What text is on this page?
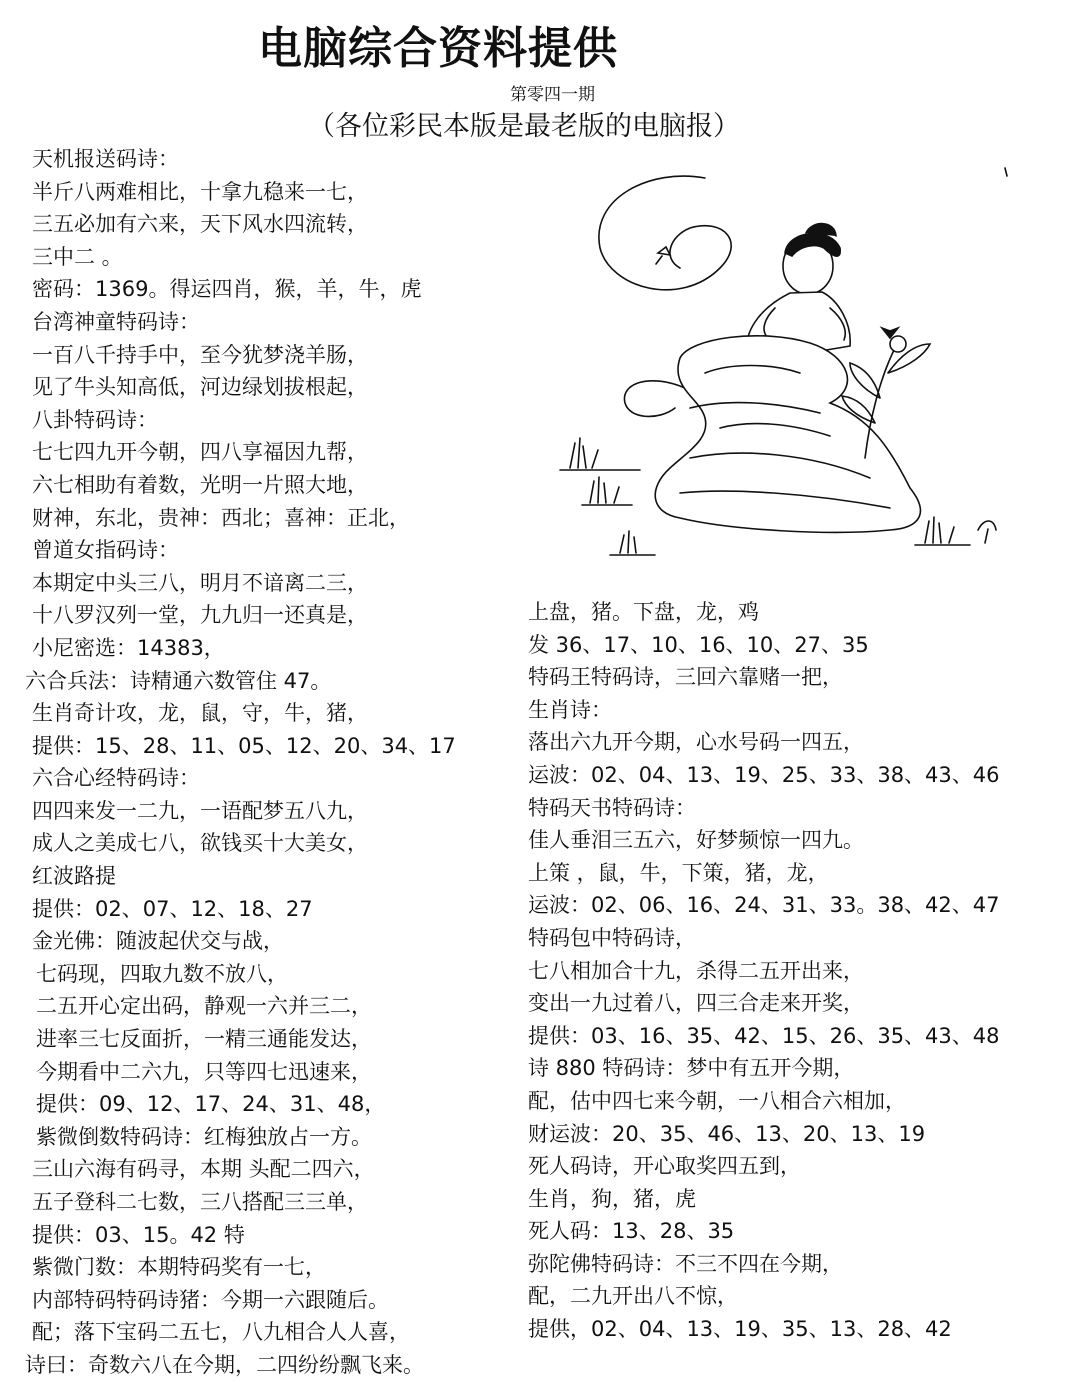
电脑综合资料提供
第零四一期
（各位彩民本版是最老版的电脑报）
天机报送码诗：
半斤八两难相比，十拿九稳来一七，
三五必加有六来，天下风水四流转，
三中二 。
密码：1369。得运四肖，猴，羊，牛，虎
台湾神童特码诗：
一百八千持手中，至今犹梦浇羊肠，
见了牛头知高低，河边绿划拔根起，
八卦特码诗：
七七四九开今朝，四八享福因九帮，
六七相助有着数，光明一片照大地，
财神，东北，贵神：西北；喜神：正北，
曾道女指码诗：
本期定中头三八，明月不谙离二三，
十八罗汉列一堂，九九归一还真是，
小尼密选：14383，
六合兵法：诗精通六数管住 47。
生肖奇计攻，龙，鼠，守，牛，猪，
提供：15、28、11、05、12、20、34、17
六合心经特码诗：
四四来发一二九，一语配梦五八九，
成人之美成七八，欲钱买十大美女，
红波路提
提供：02、07、12、18、27
金光佛：随波起伏交与战，
七码现，四取九数不放八，
二五开心定出码，静观一六并三二，
进率三七反面折，一精三通能发达，
今期看中二六九，只等四七迅速来，
提供：09、12、17、24、31、48，
紫微倒数特码诗：红梅独放占一方。
三山六海有码寻，本期 头配二四六，
五子登科二七数，三八搭配三三单，
提供：03、15。42 特
紫微门数：本期特码奖有一七，
内部特码特码诗猪：今期一六跟随后。
配；落下宝码二五七，八九相合人人喜，
诗曰：奇数六八在今期，二四纷纷飘飞来。
上盘，猪。下盘，龙，鸡
发 36、17、10、16、10、27、35
特码王特码诗，三回六靠赌一把，
生肖诗：
落出六九开今期，心水号码一四五，
运波：02、04、13、19、25、33、38、43、46
特码天书特码诗：
佳人垂泪三五六，好梦频惊一四九。
上策 ，鼠，牛，下策，猪，龙，
运波：02、06、16、24、31、33。38、42、47
特码包中特码诗，
七八相加合十九，杀得二五开出来，
变出一九过着八，四三合走来开奖，
提供：03、16、35、42、15、26、35、43、48
诗 880 特码诗：梦中有五开今期，
配，估中四七来今朝，一八相合六相加，
财运波：20、35、46、13、20、13、19
死人码诗，开心取奖四五到，
生肖，狗，猪，虎
死人码：13、28、35
弥陀佛特码诗：不三不四在今期，
配，二九开出八不惊，
提供，02、04、13、19、35、13、28、42
